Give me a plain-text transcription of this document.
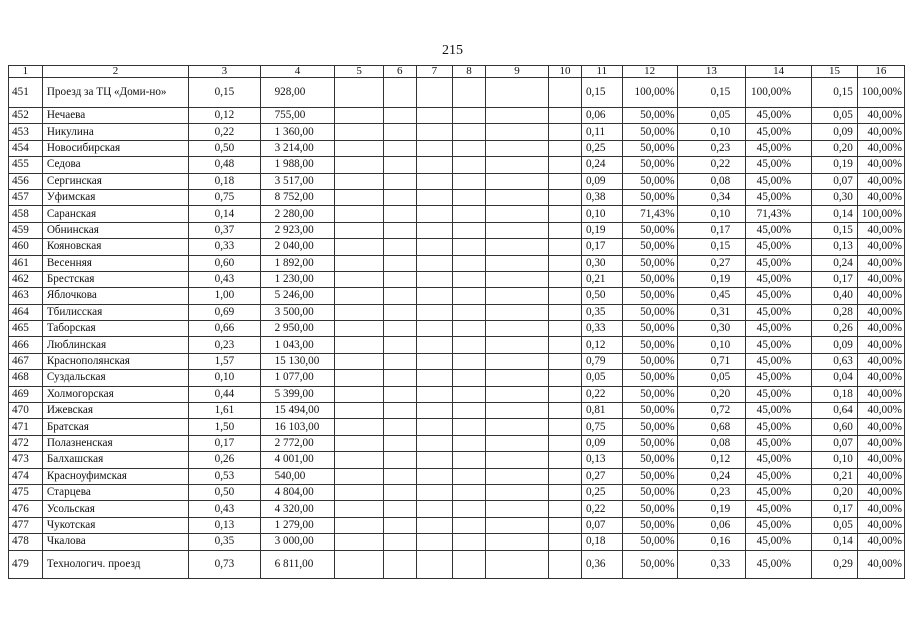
215
1	2	3	4	5	6	7	8	9	10	11	12	13	14	15	16
451	Проезд за ТЦ «Доми-но»	0,15	928,00							0,15	100,00%	0,15	100,00%	0,15	100,00%
452	Нечаева	0,12	755,00							0,06	50,00%	0,05	45,00%	0,05	40,00%
453	Никулина	0,22	1 360,00							0,11	50,00%	0,10	45,00%	0,09	40,00%
454	Новосибирская	0,50	3 214,00							0,25	50,00%	0,23	45,00%	0,20	40,00%
455	Седова	0,48	1 988,00							0,24	50,00%	0,22	45,00%	0,19	40,00%
456	Сергинская	0,18	3 517,00							0,09	50,00%	0,08	45,00%	0,07	40,00%
457	Уфимская	0,75	8 752,00							0,38	50,00%	0,34	45,00%	0,30	40,00%
458	Саранская	0,14	2 280,00							0,10	71,43%	0,10	71,43%	0,14	100,00%
459	Обнинская	0,37	2 923,00							0,19	50,00%	0,17	45,00%	0,15	40,00%
460	Кояновская	0,33	2 040,00							0,17	50,00%	0,15	45,00%	0,13	40,00%
461	Весенняя	0,60	1 892,00							0,30	50,00%	0,27	45,00%	0,24	40,00%
462	Брестская	0,43	1 230,00							0,21	50,00%	0,19	45,00%	0,17	40,00%
463	Яблочкова	1,00	5 246,00							0,50	50,00%	0,45	45,00%	0,40	40,00%
464	Тбилисская	0,69	3 500,00							0,35	50,00%	0,31	45,00%	0,28	40,00%
465	Таборская	0,66	2 950,00							0,33	50,00%	0,30	45,00%	0,26	40,00%
466	Люблинская	0,23	1 043,00							0,12	50,00%	0,10	45,00%	0,09	40,00%
467	Краснополянская	1,57	15 130,00							0,79	50,00%	0,71	45,00%	0,63	40,00%
468	Суздальская	0,10	1 077,00							0,05	50,00%	0,05	45,00%	0,04	40,00%
469	Холмогорская	0,44	5 399,00							0,22	50,00%	0,20	45,00%	0,18	40,00%
470	Ижевская	1,61	15 494,00							0,81	50,00%	0,72	45,00%	0,64	40,00%
471	Братская	1,50	16 103,00							0,75	50,00%	0,68	45,00%	0,60	40,00%
472	Полазненская	0,17	2 772,00							0,09	50,00%	0,08	45,00%	0,07	40,00%
473	Балхашская	0,26	4 001,00							0,13	50,00%	0,12	45,00%	0,10	40,00%
474	Красноуфимская	0,53	540,00							0,27	50,00%	0,24	45,00%	0,21	40,00%
475	Старцева	0,50	4 804,00							0,25	50,00%	0,23	45,00%	0,20	40,00%
476	Усольская	0,43	4 320,00							0,22	50,00%	0,19	45,00%	0,17	40,00%
477	Чукотская	0,13	1 279,00							0,07	50,00%	0,06	45,00%	0,05	40,00%
478	Чкалова	0,35	3 000,00							0,18	50,00%	0,16	45,00%	0,14	40,00%
479	Технологич. проезд	0,73	6 811,00							0,36	50,00%	0,33	45,00%	0,29	40,00%
